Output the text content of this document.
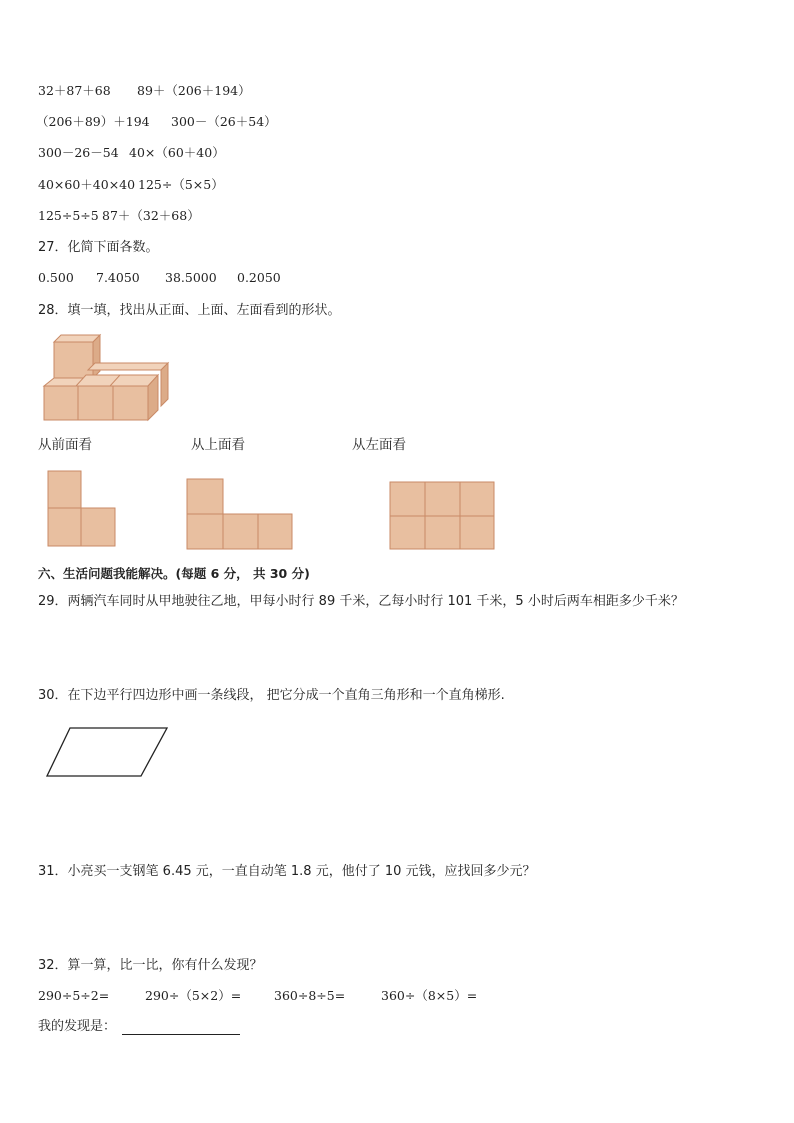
32＋87＋68 89＋（206＋194）
（206＋89）＋194 300－（26＋54）
300－26－54 40×（60＋40）
40×60＋40×40 125÷（5×5）
125÷5÷5 87＋（32＋68）
27．化简下面各数。
0.500 7.4050 38.5000 0.2050
28．填一填，找出从正面、上面、左面看到的形状。
从前面看	从上面看	从左面看
六、生活问题我能解决。(每题 6 分， 共 30 分)
29．两辆汽车同时从甲地驶往乙地，甲每小时行 89 千米，乙每小时行 101 千米，5 小时后两车相距多少千米？
30．在下边平行四边形中画一条线段， 把它分成一个直角三角形和一个直角梯形.
31．小亮买一支钢笔 6.45 元，一直自动笔 1.8 元，他付了 10 元钱，应找回多少元？
32．算一算，比一比，你有什么发现？
290÷5÷2=	290÷（5×2）=	360÷8÷5=	360÷（8×5）=
我的发现是：
